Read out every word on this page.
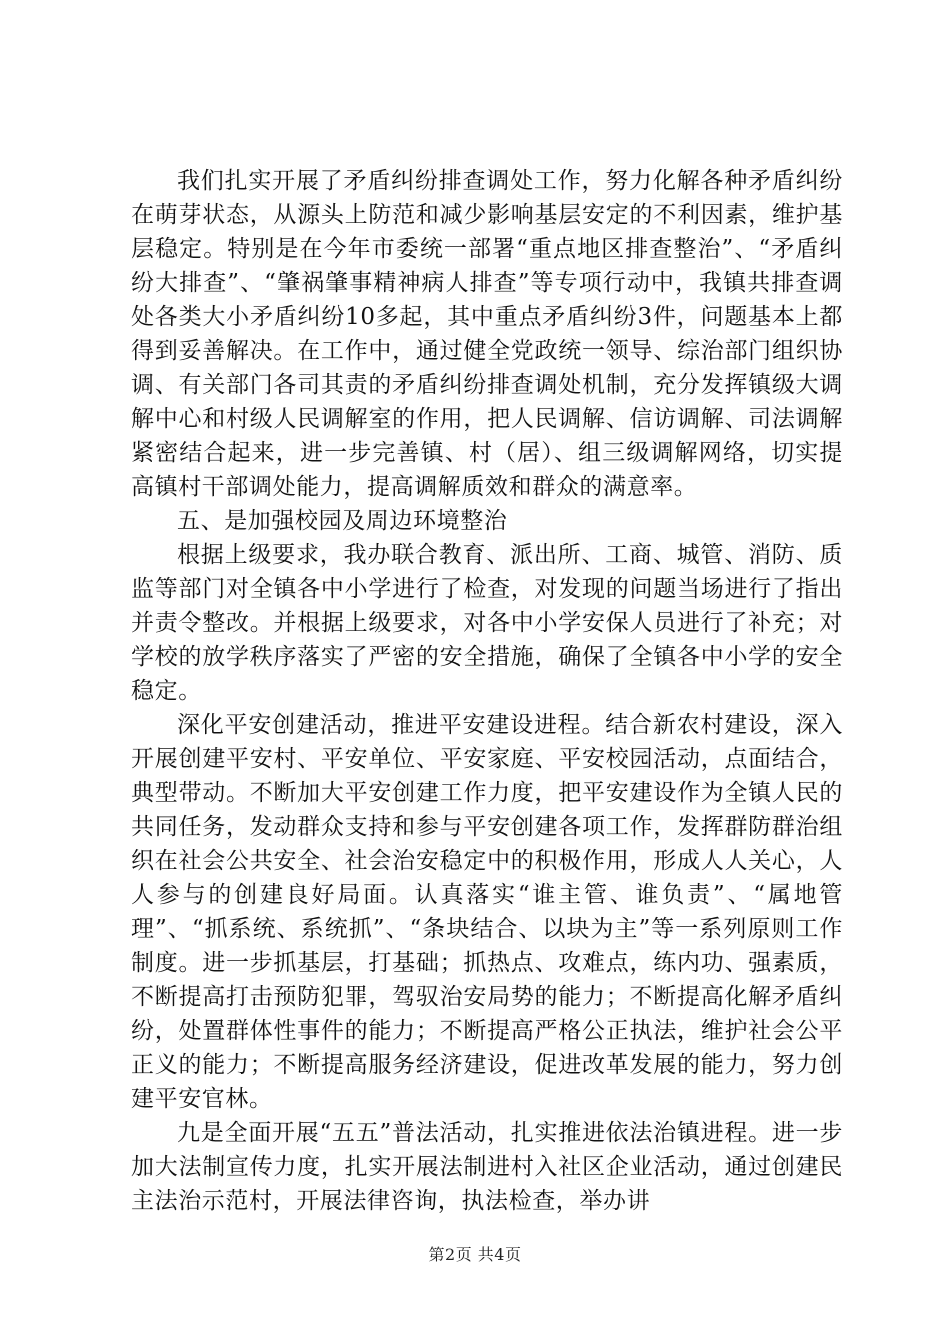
我们扎实开展了矛盾纠纷排查调处工作，努力化解各种矛盾纠纷在萌芽状态，从源头上防范和减少影响基层安定的不利因素，维护基层稳定。特别是在今年市委统一部署“重点地区排查整治”、“矛盾纠纷大排查”、“肇祸肇事精神病人排查”等专项行动中，我镇共排查调处各类大小矛盾纠纷10多起，其中重点矛盾纠纷3件，问题基本上都得到妥善解决。在工作中，通过健全党政统一领导、综治部门组织协调、有关部门各司其责的矛盾纠纷排查调处机制，充分发挥镇级大调解中心和村级人民调解室的作用，把人民调解、信访调解、司法调解紧密结合起来，进一步完善镇、村（居）、组三级调解网络，切实提高镇村干部调处能力，提高调解质效和群众的满意率。

五、是加强校园及周边环境整治

根据上级要求，我办联合教育、派出所、工商、城管、消防、质监等部门对全镇各中小学进行了检查，对发现的问题当场进行了指出并责令整改。并根据上级要求，对各中小学安保人员进行了补充；对学校的放学秩序落实了严密的安全措施，确保了全镇各中小学的安全稳定。

深化平安创建活动，推进平安建设进程。结合新农村建设，深入开展创建平安村、平安单位、平安家庭、平安校园活动，点面结合，典型带动。不断加大平安创建工作力度，把平安建设作为全镇人民的共同任务，发动群众支持和参与平安创建各项工作，发挥群防群治组织在社会公共安全、社会治安稳定中的积极作用，形成人人关心，人人参与的创建良好局面。认真落实“谁主管、谁负责”、“属地管理”、“抓系统、系统抓”、“条块结合、以块为主”等一系列原则工作制度。进一步抓基层，打基础；抓热点、攻难点，练内功、强素质，不断提高打击预防犯罪，驾驭治安局势的能力；不断提高化解矛盾纠纷，处置群体性事件的能力；不断提高严格公正执法，维护社会公平正义的能力；不断提高服务经济建设，促进改革发展的能力，努力创建平安官林。

九是全面开展“五五”普法活动，扎实推进依法治镇进程。进一步加大法制宣传力度，扎实开展法制进村入社区企业活动，通过创建民主法治示范村，开展法律咨询，执法检查，举办讲

第2页 共4页
